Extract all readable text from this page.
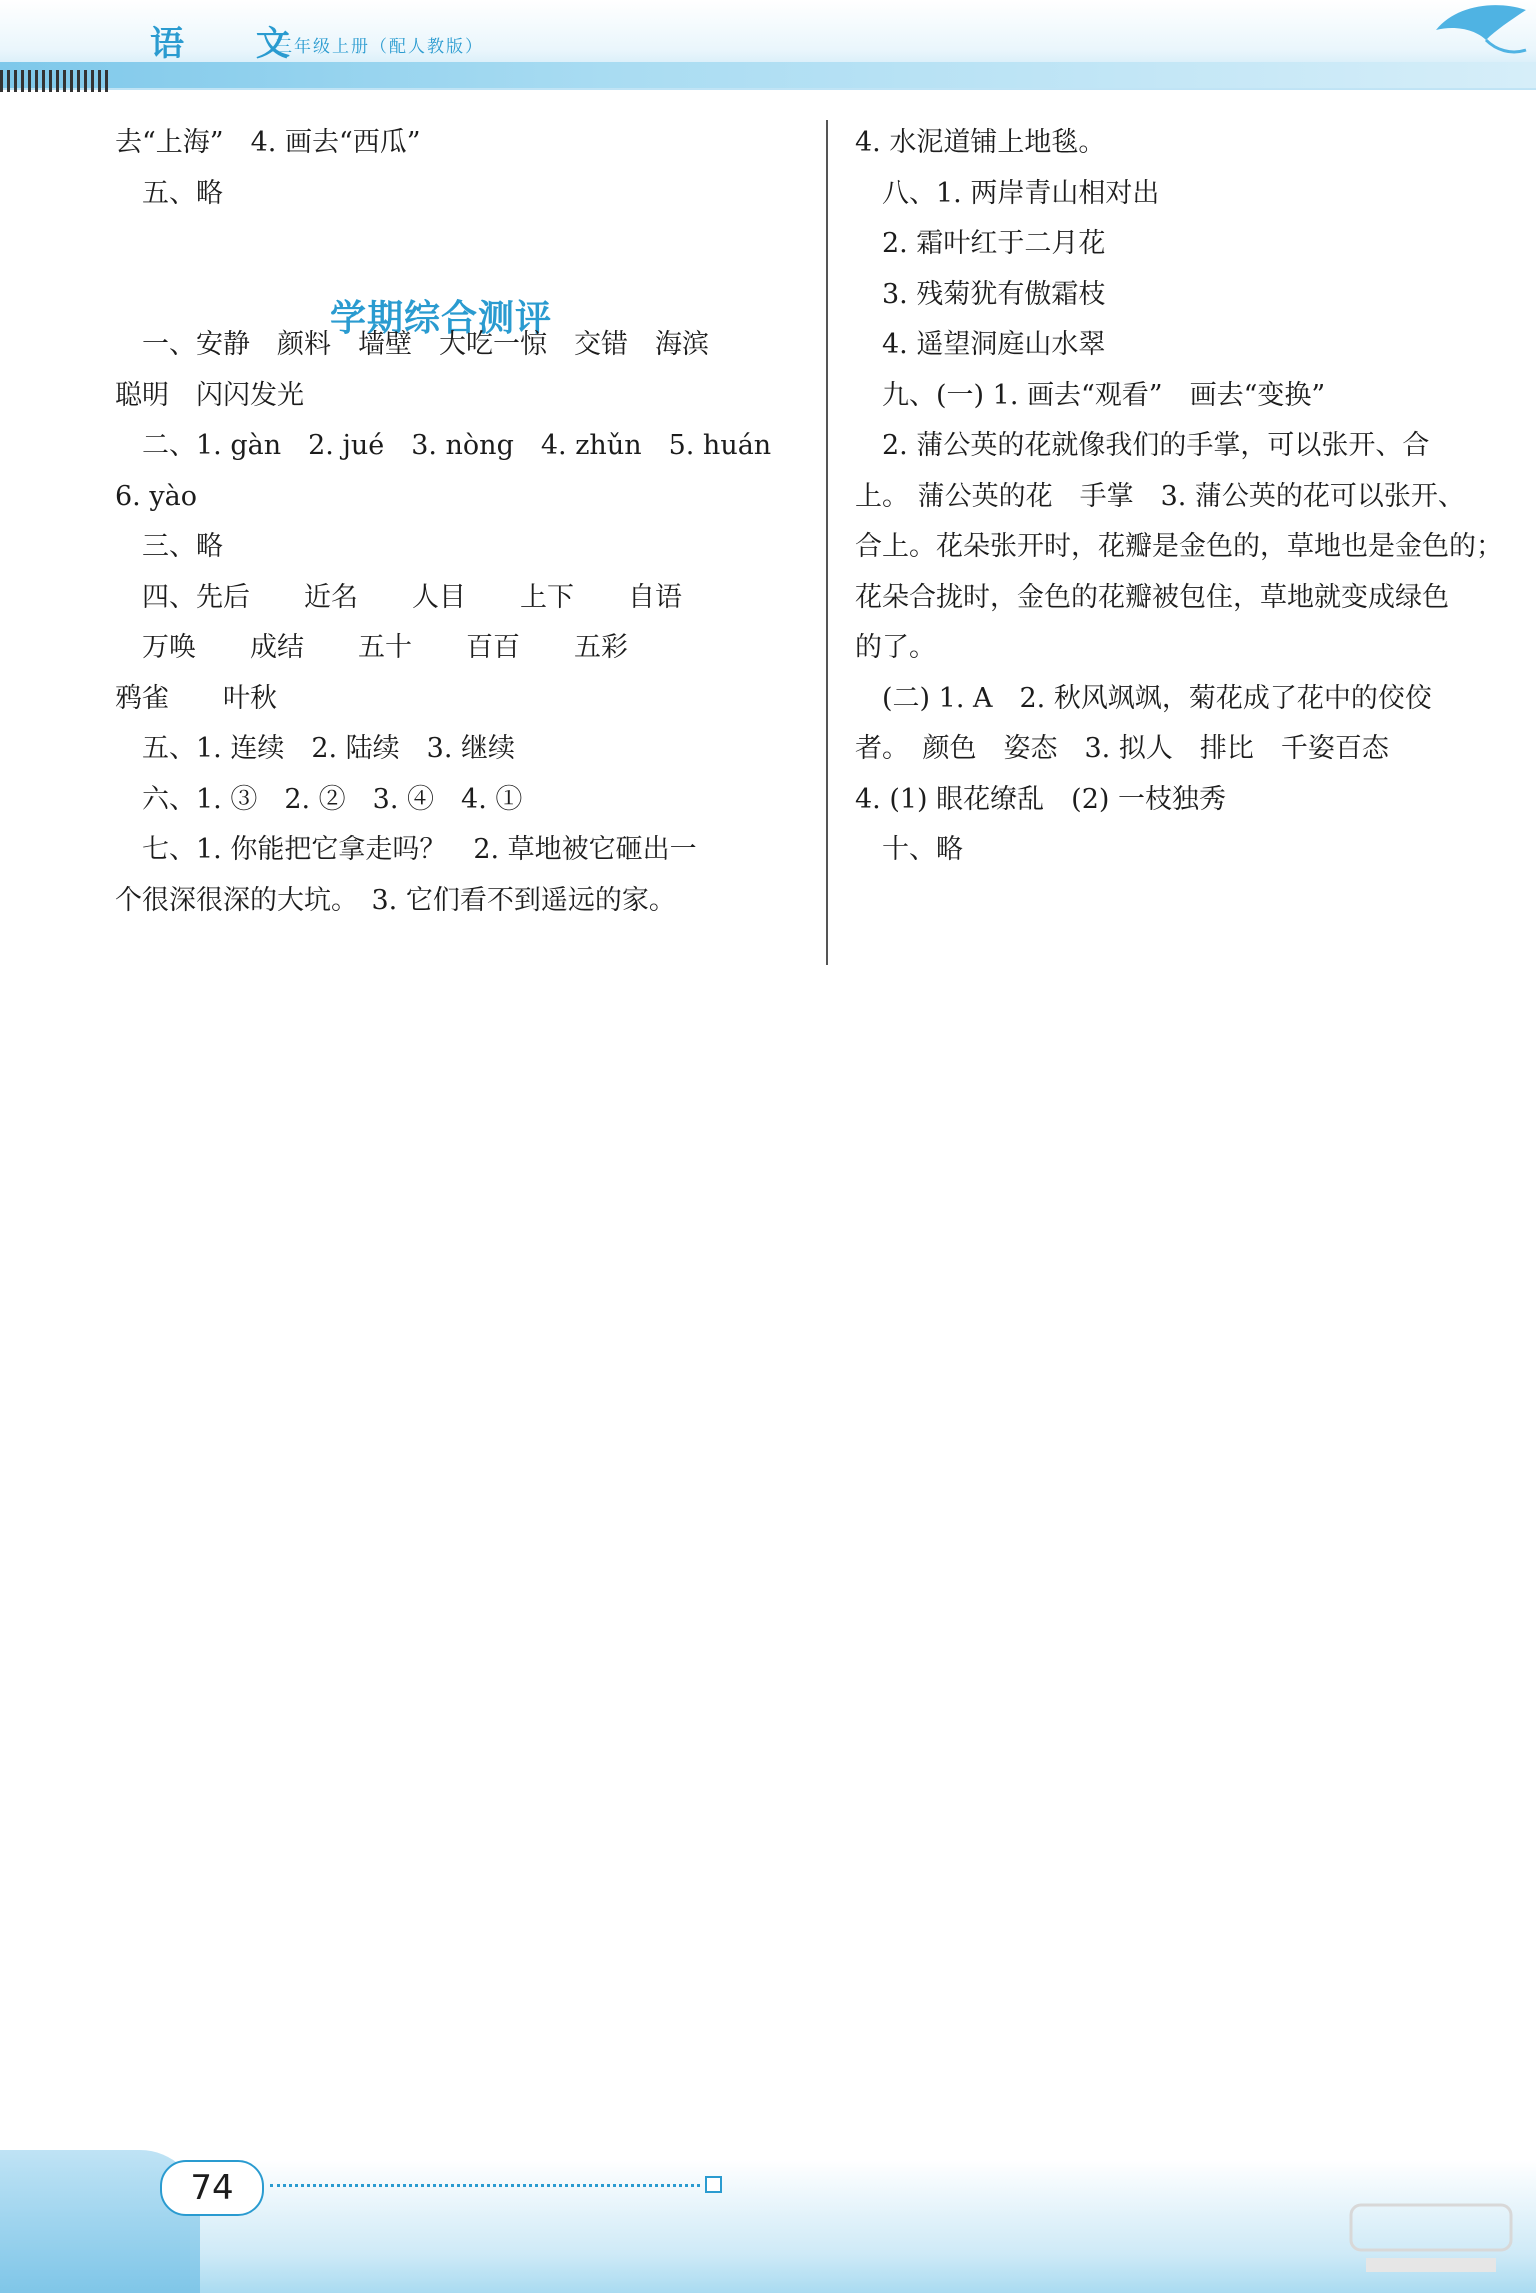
语 文
三年级上册（配人教版）
学期综合测评
去“上海”　4. 画去“西瓜”
　五、略
　一、安静　颜料　墙壁　大吃一惊　交错　海滨
聪明　闪闪发光
　二、1. gàn　2. jué　3. nòng　4. zhǔn　5. huán
6. yào
　三、略
　四、先后　　近名　　人目　　上下　　自语
　万唤　　成结　　五十　　百百　　五彩
鸦雀　　叶秋
　五、1. 连续　2. 陆续　3. 继续
　六、1. ③　2. ②　3. ④　4. ①
　七、1. 你能把它拿走吗？　2. 草地被它砸出一
个很深很深的大坑。　3. 它们看不到遥远的家。
4. 水泥道铺上地毯。
　八、1. 两岸青山相对出
　2. 霜叶红于二月花
　3. 残菊犹有傲霜枝
　4. 遥望洞庭山水翠
　九、(一) 1. 画去“观看”　画去“变换”
　2. 蒲公英的花就像我们的手掌，可以张开、合
上。 蒲公英的花　手掌　3. 蒲公英的花可以张开、
合上。花朵张开时，花瓣是金色的，草地也是金色的；
花朵合拢时，金色的花瓣被包住，草地就变成绿色
的了。
　(二) 1. A　2. 秋风飒飒，菊花成了花中的佼佼
者。　颜色　姿态　3. 拟人　排比　千姿百态
4. (1) 眼花缭乱　(2) 一枝独秀
　十、略
74
